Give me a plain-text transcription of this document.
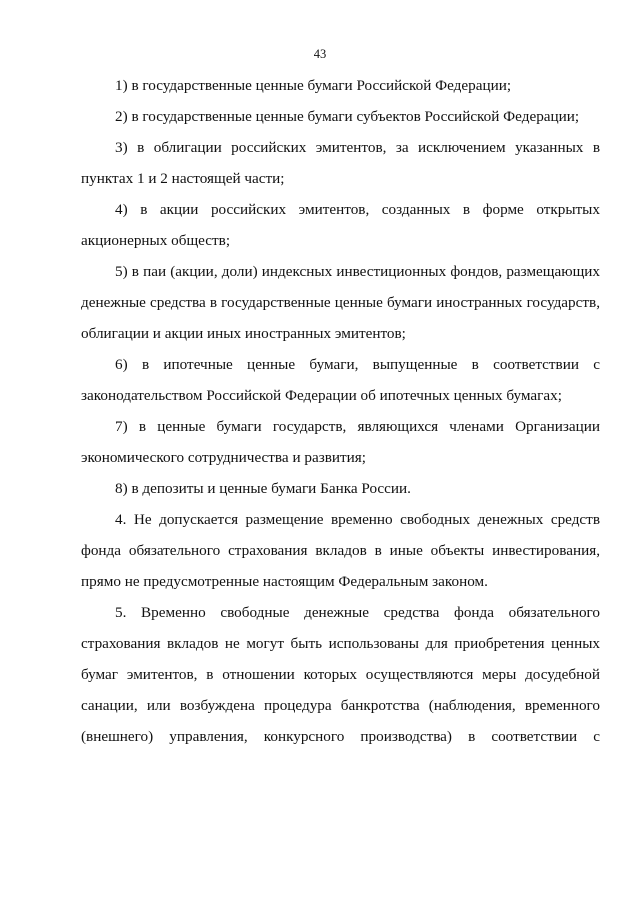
43

1) в государственные ценные бумаги Российской Федерации;

2) в государственные ценные бумаги субъектов Российской Федерации;

3) в облигации российских эмитентов, за исключением указанных в пунктах 1 и 2 настоящей части;

4) в акции российских эмитентов, созданных в форме открытых акционерных обществ;

5) в паи (акции, доли) индексных инвестиционных фондов, размещающих денежные средства в государственные ценные бумаги иностранных государств, облигации и акции иных иностранных эмитентов;

6) в ипотечные ценные бумаги, выпущенные в соответствии с законодательством Российской Федерации об ипотечных ценных бумагах;

7) в ценные бумаги государств, являющихся членами Организации экономического сотрудничества и развития;

8) в депозиты и ценные бумаги Банка России.

4. Не допускается размещение временно свободных денежных средств фонда обязательного страхования вкладов в иные объекты инвестирования, прямо не предусмотренные настоящим Федеральным законом.

5. Временно свободные денежные средства фонда обязательного страхования вкладов не могут быть использованы для приобретения ценных бумаг эмитентов, в отношении которых осуществляются меры досудебной санации, или возбуждена процедура банкротства (наблюдения, временного (внешнего) управления, конкурсного производства) в соответствии с
